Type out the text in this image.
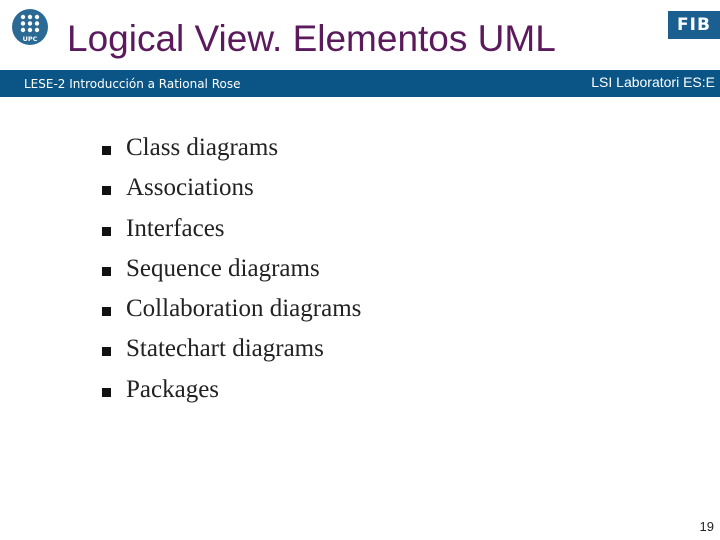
UPC Logical View. Elementos UML	FIB
LESE-2 Introducción a Rational Rose	LSI Laboratori ES:E
Class diagrams
Associations
Interfaces
Sequence diagrams
Collaboration diagrams
Statechart diagrams
Packages
19
